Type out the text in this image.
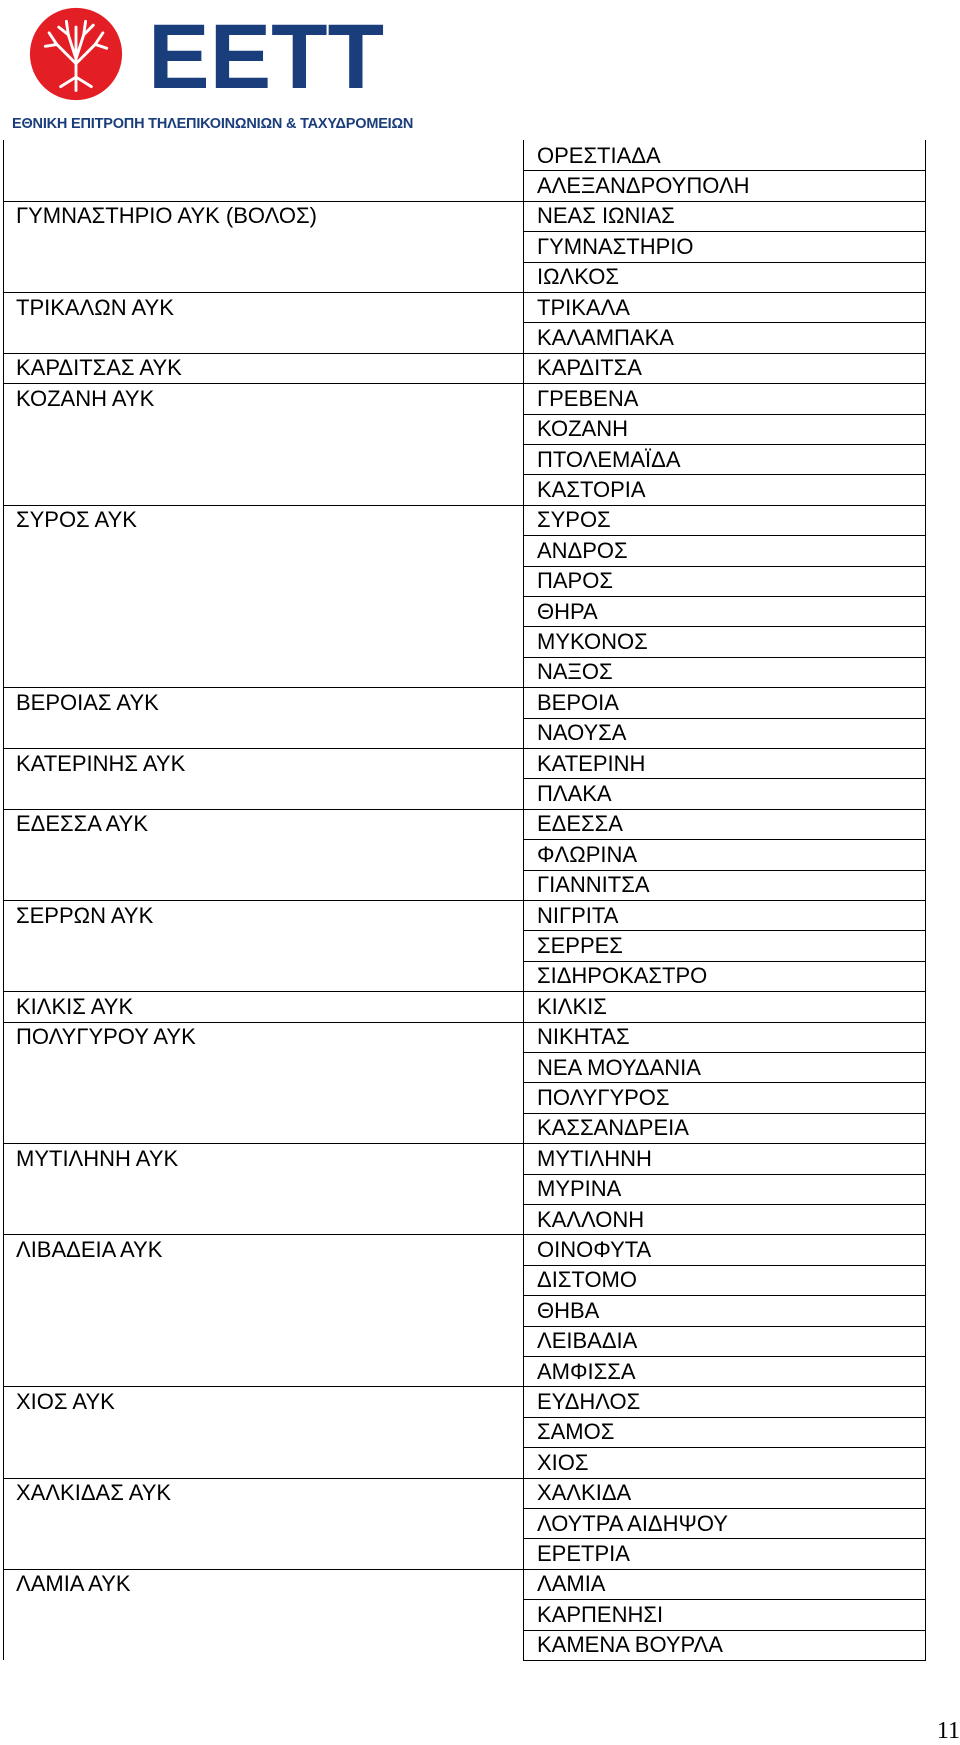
ΕΕΤΤ
ΕΘΝΙΚΗ ΕΠΙΤΡΟΠΗ ΤΗΛΕΠΙΚΟΙΝΩΝΙΩΝ & ΤΑΧΥΔΡΟΜΕΙΩΝ
ΟΡΕΣΤΙΑΔΑ
ΑΛΕΞΑΝΔΡΟΥΠΟΛΗ
ΝΕΑΣ ΙΩΝΙΑΣ
ΓΥΜΝΑΣΤΗΡΙΟ
ΙΩΛΚΟΣ
ΤΡΙΚΑΛΑ
ΚΑΛΑΜΠΑΚΑ
ΚΑΡΔΙΤΣΑ
ΓΡΕΒΕΝΑ
ΚΟΖΑΝΗ
ΠΤΟΛΕΜΑΪΔΑ
ΚΑΣΤΟΡΙΑ
ΣΥΡΟΣ
ΑΝΔΡΟΣ
ΠΑΡΟΣ
ΘΗΡΑ
ΜΥΚΟΝΟΣ
ΝΑΞΟΣ
ΒΕΡΟΙΑ
ΝΑΟΥΣΑ
ΚΑΤΕΡΙΝΗ
ΠΛΑΚΑ
ΕΔΕΣΣΑ
ΦΛΩΡΙΝΑ
ΓΙΑΝΝΙΤΣΑ
ΝΙΓΡΙΤΑ
ΣΕΡΡΕΣ
ΣΙΔΗΡΟΚΑΣΤΡΟ
ΚΙΛΚΙΣ
ΝΙΚΗΤΑΣ
ΝΕΑ ΜΟΥΔΑΝΙΑ
ΠΟΛΥΓΥΡΟΣ
ΚΑΣΣΑΝΔΡΕΙΑ
ΜΥΤΙΛΗΝΗ
ΜΥΡΙΝΑ
ΚΑΛΛΟΝΗ
ΟΙΝΟΦΥΤΑ
ΔΙΣΤΟΜΟ
ΘΗΒΑ
ΛΕΙΒΑΔΙΑ
ΑΜΦΙΣΣΑ
ΕΥΔΗΛΟΣ
ΣΑΜΟΣ
ΧΙΟΣ
ΧΑΛΚΙΔΑ
ΛΟΥΤΡΑ ΑΙΔΗΨΟΥ
ΕΡΕΤΡΙΑ
ΛΑΜΙΑ
ΚΑΡΠΕΝΗΣΙ
ΚΑΜΕΝΑ ΒΟΥΡΛΑ
ΓΥΜΝΑΣΤΗΡΙΟ ΑΥΚ (ΒΟΛΟΣ)
ΤΡΙΚΑΛΩΝ ΑΥΚ
ΚΑΡΔΙΤΣΑΣ ΑΥΚ
ΚΟΖΑΝΗ ΑΥΚ
ΣΥΡΟΣ ΑΥΚ
ΒΕΡΟΙΑΣ ΑΥΚ
ΚΑΤΕΡΙΝΗΣ ΑΥΚ
ΕΔΕΣΣΑ ΑΥΚ
ΣΕΡΡΩΝ ΑΥΚ
ΚΙΛΚΙΣ ΑΥΚ
ΠΟΛΥΓΥΡΟΥ ΑΥΚ
ΜΥΤΙΛΗΝΗ ΑΥΚ
ΛΙΒΑΔΕΙΑ ΑΥΚ
ΧΙΟΣ ΑΥΚ
ΧΑΛΚΙΔΑΣ ΑΥΚ
ΛΑΜΙΑ ΑΥΚ
11
